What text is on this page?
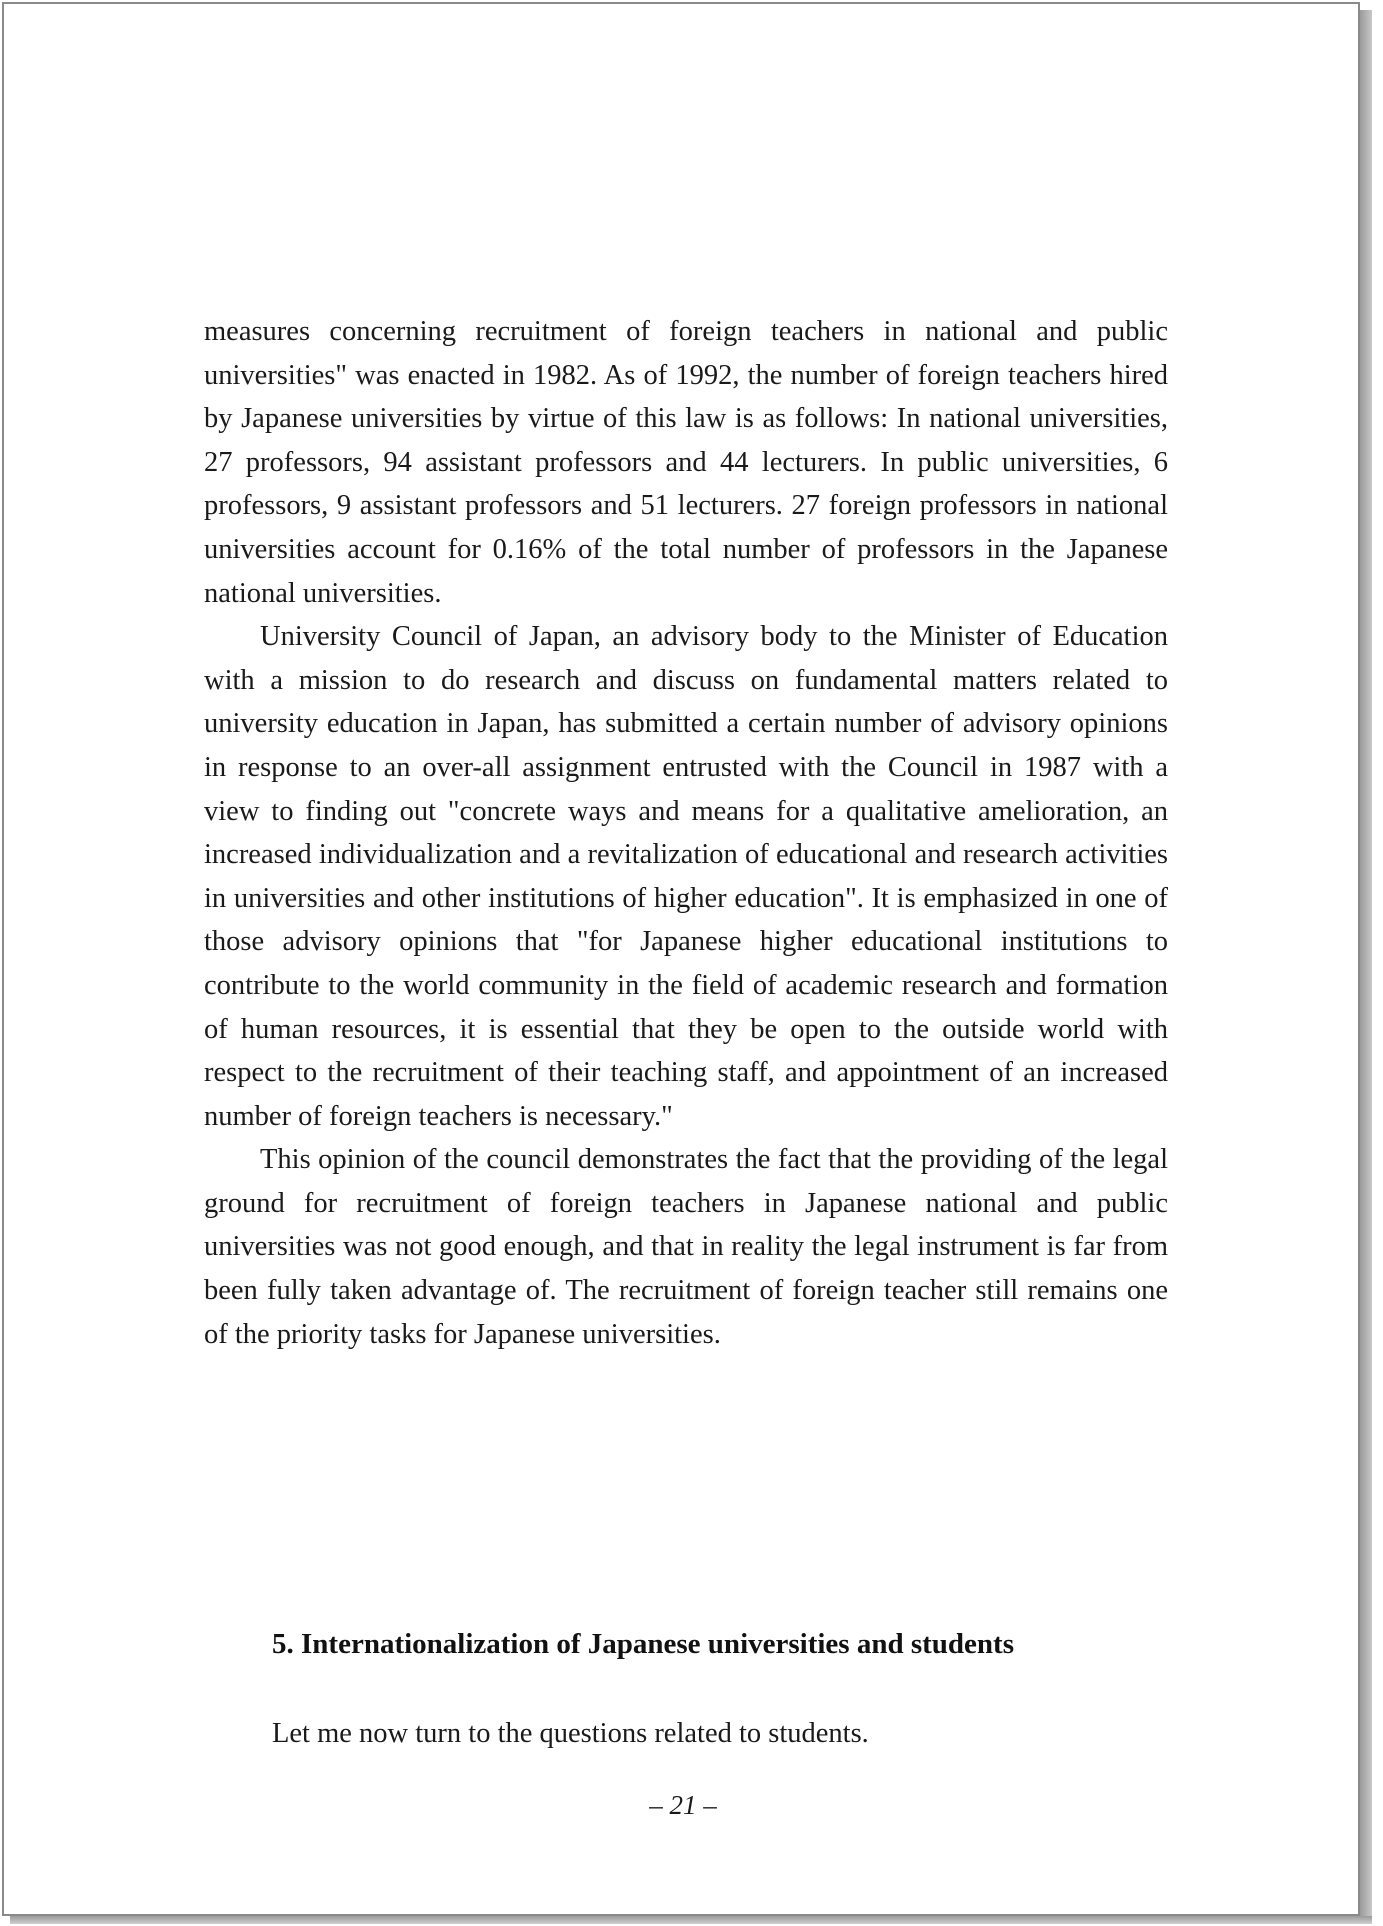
measures concerning recruitment of foreign teachers in national and public universities" was enacted in 1982. As of 1992, the number of foreign teachers hired by Japanese universities by virtue of this law is as follows: In national universities, 27 professors, 94 assistant professors and 44 lecturers. In public universities, 6 professors, 9 assistant professors and 51 lecturers. 27 foreign professors in national universities account for 0.16% of the total number of professors in the Japanese national universities.

University Council of Japan, an advisory body to the Minister of Education with a mission to do research and discuss on fundamental matters related to university education in Japan, has submitted a certain number of advisory opinions in response to an over-all assignment entrusted with the Council in 1987 with a view to finding out "concrete ways and means for a qualitative amelioration, an increased individualization and a revitalization of educational and research activities in universities and other institutions of higher education". It is emphasized in one of those advisory opinions that "for Japanese higher educational institutions to contribute to the world community in the field of academic research and formation of human resources, it is essential that they be open to the outside world with respect to the recruitment of their teaching staff, and appointment of an increased number of foreign teachers is necessary."

This opinion of the council demonstrates the fact that the providing of the legal ground for recruitment of foreign teachers in Japanese national and public universities was not good enough, and that in reality the legal instrument is far from been fully taken advantage of. The recruitment of foreign teacher still remains one of the priority tasks for Japanese universities.

5. Internationalization of Japanese universities and students

Let me now turn to the questions related to students.

– 21 –
